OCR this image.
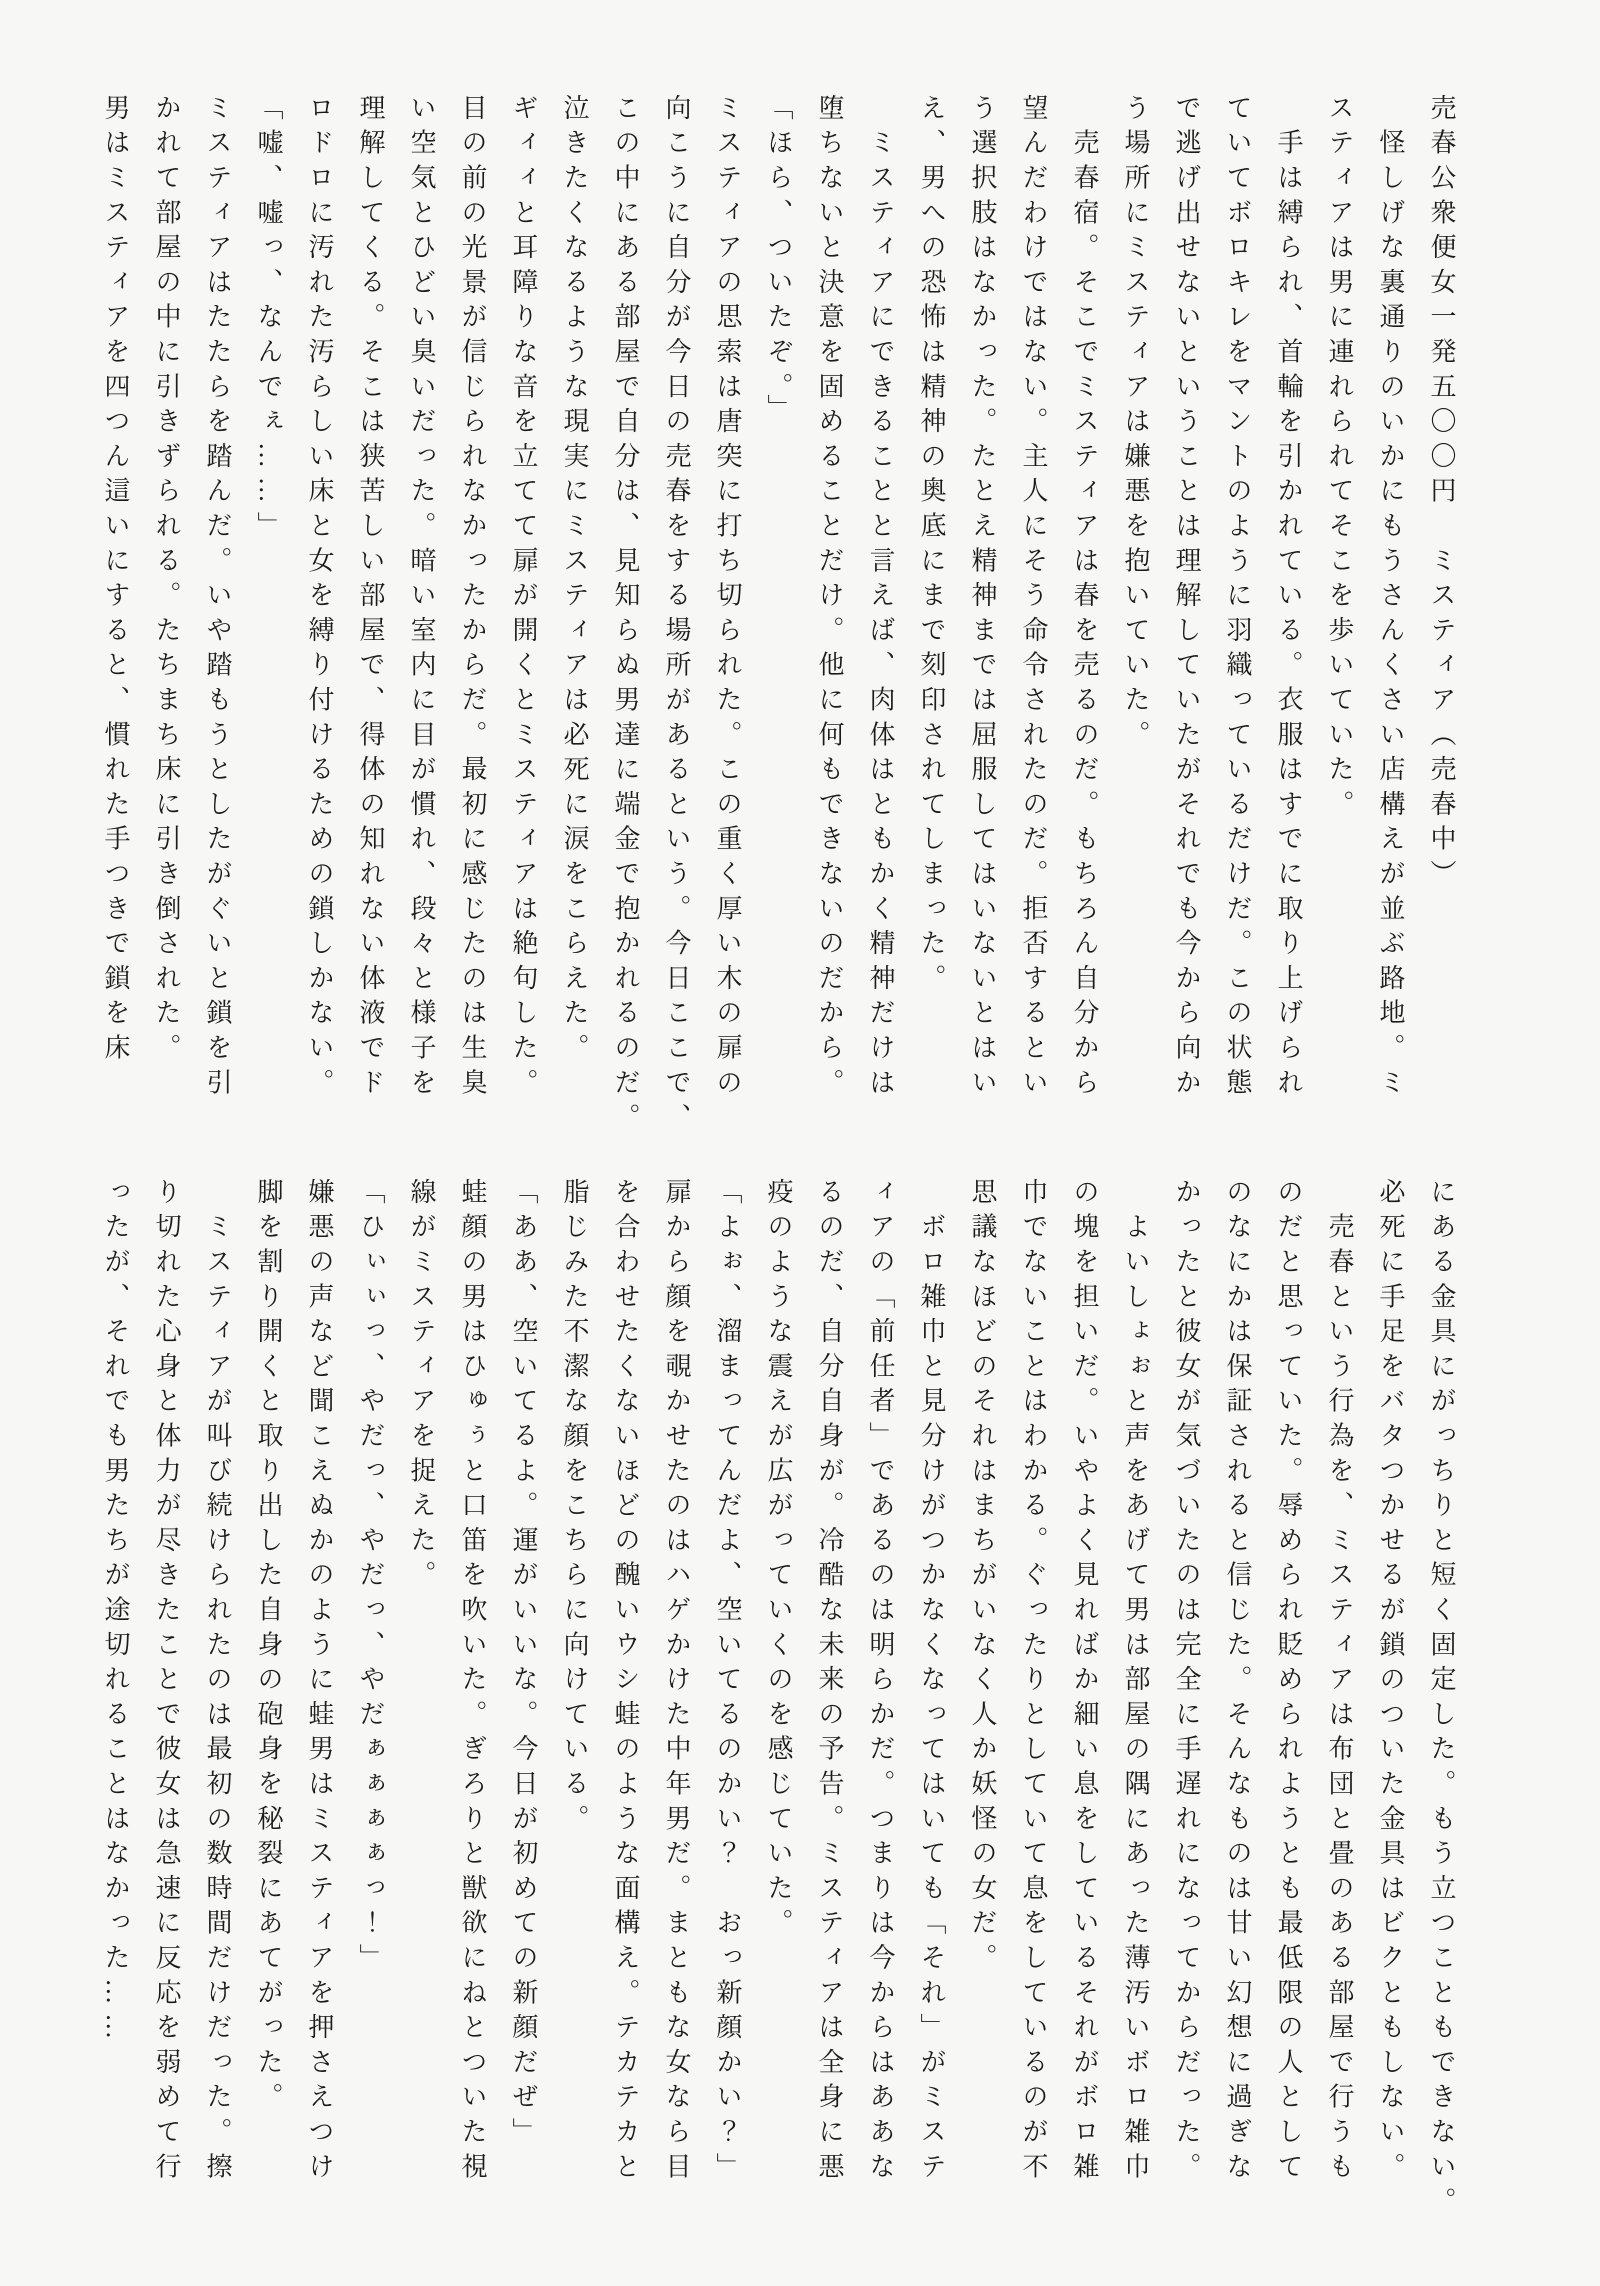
売春公衆便女一発五〇〇円　ミスティア（売春中）
　怪しげな裏通りのいかにもうさんくさい店構えが並ぶ路地。ミ
スティアは男に連れられてそこを歩いていた。
　手は縛られ、首輪を引かれている。衣服はすでに取り上げられ
ていてボロキレをマントのように羽織っているだけだ。この状態
で逃げ出せないということは理解していたがそれでも今から向か
う場所にミスティアは嫌悪を抱いていた。
　売春宿。そこでミスティアは春を売るのだ。もちろん自分から
望んだわけではない。主人にそう命令されたのだ。拒否するとい
う選択肢はなかった。たとえ精神までは屈服してはいないとはい
え、男への恐怖は精神の奥底にまで刻印されてしまった。
　ミスティアにできることと言えば、肉体はともかく精神だけは
堕ちないと決意を固めることだけ。他に何もできないのだから。
「ほら、ついたぞ。」
ミスティアの思索は唐突に打ち切られた。この重く厚い木の扉の
向こうに自分が今日の売春をする場所があるという。今日ここで、
この中にある部屋で自分は、見知らぬ男達に端金で抱かれるのだ。
泣きたくなるような現実にミスティアは必死に涙をこらえた。
ギィィと耳障りな音を立てて扉が開くとミスティアは絶句した。
目の前の光景が信じられなかったからだ。最初に感じたのは生臭
い空気とひどい臭いだった。暗い室内に目が慣れ、段々と様子を
理解してくる。そこは狭苦しい部屋で、得体の知れない体液でド
ロドロに汚れた汚らしい床と女を縛り付けるための鎖しかない。
「嘘、嘘っ、なんでぇ……」
ミスティアはたたらを踏んだ。いや踏もうとしたがぐいと鎖を引
かれて部屋の中に引きずられる。たちまち床に引き倒された。
男はミスティアを四つん這いにすると、慣れた手つきで鎖を床
にある金具にがっちりと短く固定した。もう立つこともできない。
必死に手足をバタつかせるが鎖のついた金具はビクともしない。
　売春という行為を、ミスティアは布団と畳のある部屋で行うも
のだと思っていた。辱められ貶められようとも最低限の人として
のなにかは保証されると信じた。そんなものは甘い幻想に過ぎな
かったと彼女が気づいたのは完全に手遅れになってからだった。
　よいしょぉと声をあげて男は部屋の隅にあった薄汚いボロ雑巾
の塊を担いだ。いやよく見ればか細い息をしているそれがボロ雑
巾でないことはわかる。ぐったりとしていて息をしているのが不
思議なほどのそれはまちがいなく人か妖怪の女だ。
　ボロ雑巾と見分けがつかなくなってはいても「それ」がミステ
ィアの「前任者」であるのは明らかだ。つまりは今からはああな
るのだ、自分自身が。冷酷な未来の予告。ミスティアは全身に悪
疫のような震えが広がっていくのを感じていた。
「よぉ、溜まってんだよ、空いてるのかい？　おっ新顔かい？」
扉から顔を覗かせたのはハゲかけた中年男だ。まともな女なら目
を合わせたくないほどの醜いウシ蛙のような面構え。テカテカと
脂じみた不潔な顔をこちらに向けている。
「ああ、空いてるよ。運がいいな。今日が初めての新顔だぜ」
蛙顔の男はひゅぅと口笛を吹いた。ぎろりと獣欲にねとついた視
線がミスティアを捉えた。
「ひぃぃっ、やだっ、やだっ、やだぁぁぁぁっ！」
嫌悪の声など聞こえぬかのように蛙男はミスティアを押さえつけ
脚を割り開くと取り出した自身の砲身を秘裂にあてがった。
　ミスティアが叫び続けられたのは最初の数時間だけだった。擦
り切れた心身と体力が尽きたことで彼女は急速に反応を弱めて行
ったが、それでも男たちが途切れることはなかった……
